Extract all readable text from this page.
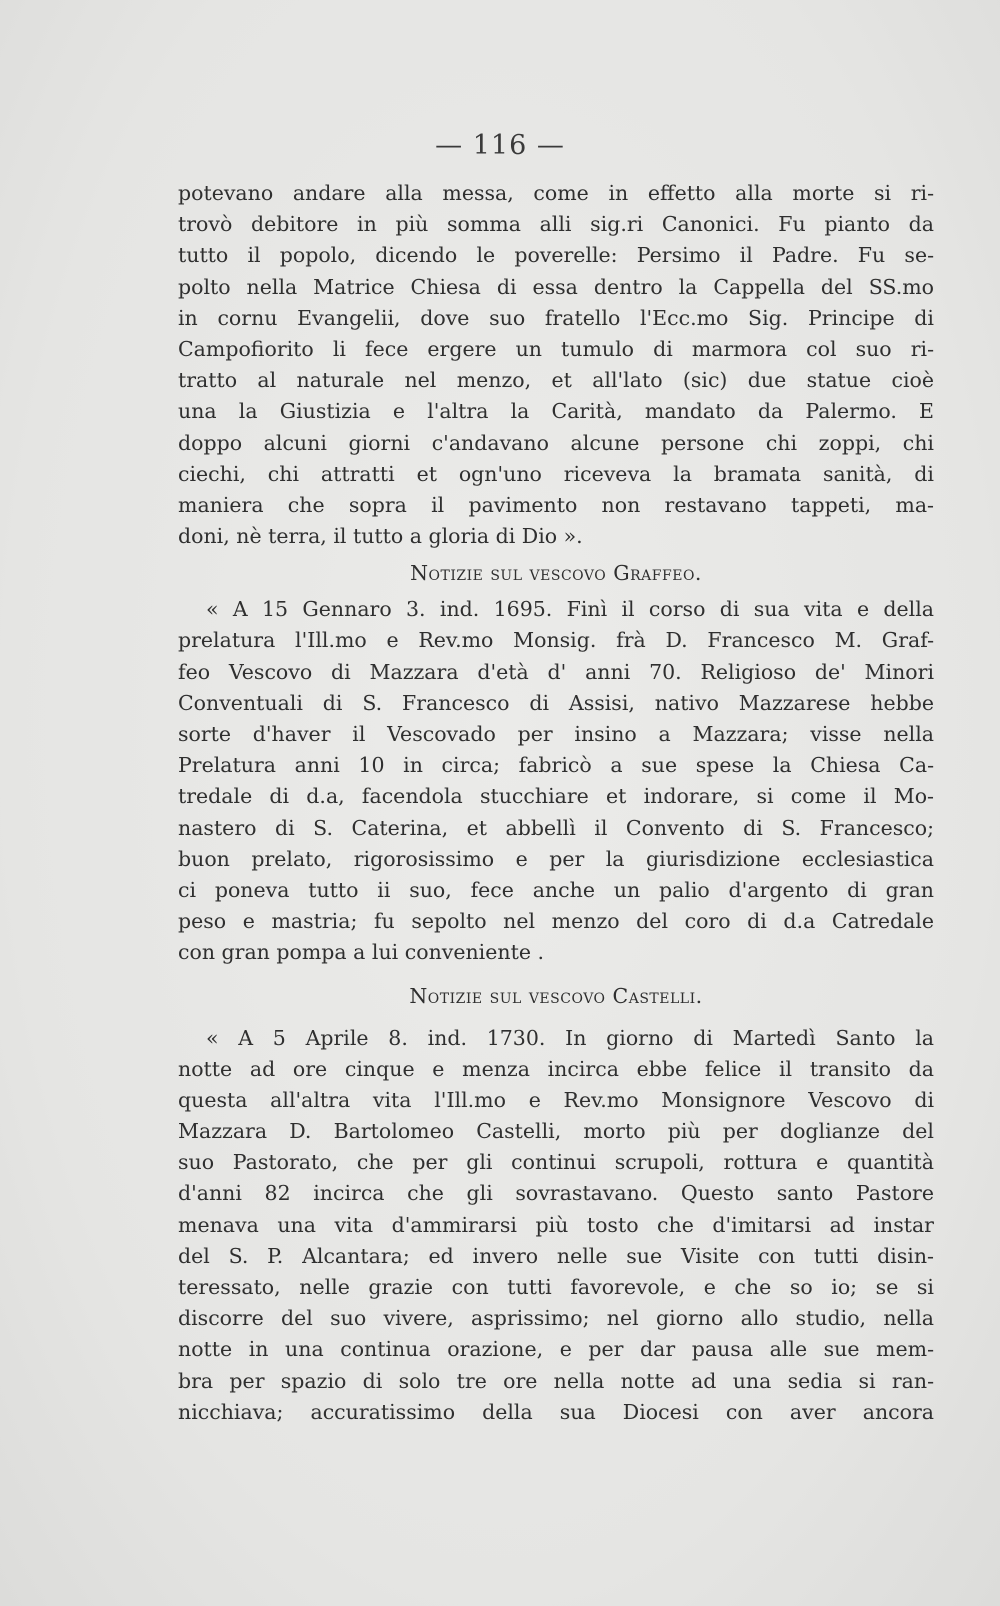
— 116 —
potevano andare alla messa, come in effetto alla morte si ri-
trovò debitore in più somma alli sig.ri Canonici. Fu pianto da
tutto il popolo, dicendo le poverelle: Persimo il Padre. Fu se-
polto nella Matrice Chiesa di essa dentro la Cappella del SS.mo
in cornu Evangelii, dove suo fratello l'Ecc.mo Sig. Principe di
Campofiorito li fece ergere un tumulo di marmora col suo ri-
tratto al naturale nel menzo, et all'lato (sic) due statue cioè
una la Giustizia e l'altra la Carità, mandato da Palermo. E
doppo alcuni giorni c'andavano alcune persone chi zoppi, chi
ciechi, chi attratti et ogn'uno riceveva la bramata sanità, di
maniera che sopra il pavimento non restavano tappeti, ma-
doni, nè terra, il tutto a gloria di Dio ».
Notizie sul vescovo Graffeo.
« A 15 Gennaro 3. ind. 1695. Finì il corso di sua vita e della
prelatura l'Ill.mo e Rev.mo Monsig. frà D. Francesco M. Graf-
feo Vescovo di Mazzara d'età d' anni 70. Religioso de' Minori
Conventuali di S. Francesco di Assisi, nativo Mazzarese hebbe
sorte d'haver il Vescovado per insino a Mazzara; visse nella
Prelatura anni 10 in circa; fabricò a sue spese la Chiesa Ca-
tredale di d.a, facendola stucchiare et indorare, si come il Mo-
nastero di S. Caterina, et abbellì il Convento di S. Francesco;
buon prelato, rigorosissimo e per la giurisdizione ecclesiastica
ci poneva tutto ii suo, fece anche un palio d'argento di gran
peso e mastria; fu sepolto nel menzo del coro di d.a Catredale
con gran pompa a lui conveniente .
Notizie sul vescovo Castelli.
« A 5 Aprile 8. ind. 1730. In giorno di Martedì Santo la
notte ad ore cinque e menza incirca ebbe felice il transito da
questa all'altra vita l'Ill.mo e Rev.mo Monsignore Vescovo di
Mazzara D. Bartolomeo Castelli, morto più per doglianze del
suo Pastorato, che per gli continui scrupoli, rottura e quantità
d'anni 82 incirca che gli sovrastavano. Questo santo Pastore
menava una vita d'ammirarsi più tosto che d'imitarsi ad instar
del S. P. Alcantara; ed invero nelle sue Visite con tutti disin-
teressato, nelle grazie con tutti favorevole, e che so io; se si
discorre del suo vivere, asprissimo; nel giorno allo studio, nella
notte in una continua orazione, e per dar pausa alle sue mem-
bra per spazio di solo tre ore nella notte ad una sedia si ran-
nicchiava; accuratissimo della sua Diocesi con aver ancora
